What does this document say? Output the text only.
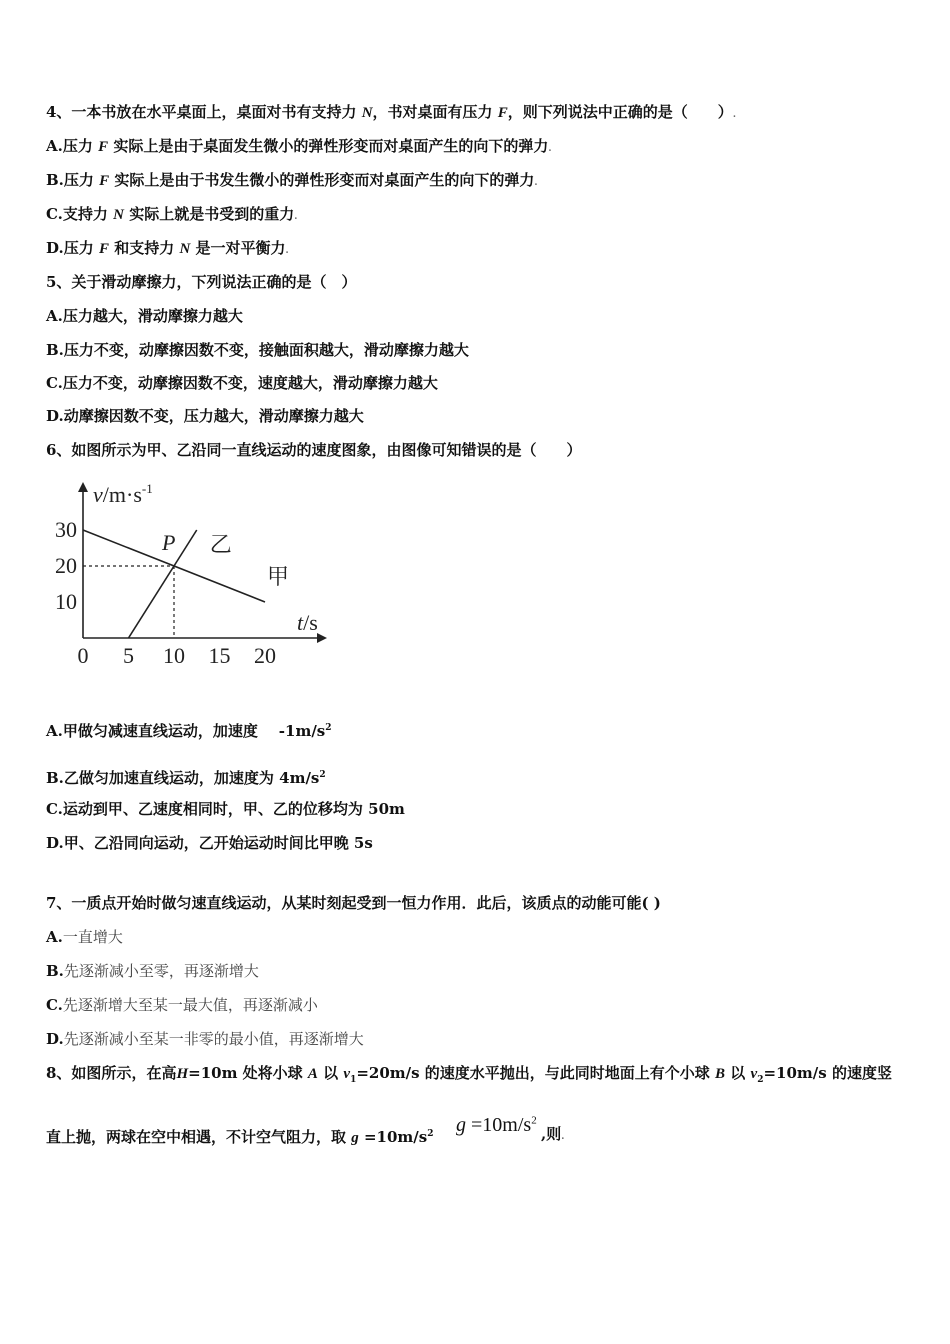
4、一本书放在水平桌面上，桌面对书有支持力 N，书对桌面有压力 F，则下列说法中正确的是（　　）.
A.压力 F 实际上是由于桌面发生微小的弹性形变而对桌面产生的向下的弹力.
B.压力 F 实际上是由于书发生微小的弹性形变而对桌面产生的向下的弹力.
C.支持力 N 实际上就是书受到的重力.
D.压力 F 和支持力 N 是一对平衡力.
5、关于滑动摩擦力，下列说法正确的是（　）
A.压力越大，滑动摩擦力越大
B.压力不变，动摩擦因数不变，接触面积越大，滑动摩擦力越大
C.压力不变，动摩擦因数不变，速度越大，滑动摩擦力越大
D.动摩擦因数不变，压力越大，滑动摩擦力越大
6、如图所示为甲、乙沿同一直线运动的速度图象，由图像可知错误的是（　　）
0 5 10 15 20
10
20
30
$v/m\cdot s^{-1}$
t/s
甲
乙
P
A.甲做匀减速直线运动，加速度 $-1m/s^2$
B.乙做匀加速直线运动，加速度为 $4m/s^2$
C.运动到甲、乙速度相同时，甲、乙的位移均为 50m
D.甲、乙沿同向运动，乙开始运动时间比甲晚 5s
7、一质点开始时做匀速直线运动，从某时刻起受到一恒力作用．此后，该质点的动能可能( )
A.一直增大
B.先逐渐减小至零，再逐渐增大
C.先逐渐增大至某一最大值，再逐渐减小
D.先逐渐减小至某一非零的最小值，再逐渐增大
8、如图所示，在高H=10m 处将小球 A 以 $v_1=20m/s$ 的速度水平抛出，与此同时地面上有个小球 B 以 $v_2=10m/s$ 的速度竖
直上抛，两球在空中相遇，不计空气阻力，取 $g =10m/s^2$ $g =10m/s^2$
,则.
